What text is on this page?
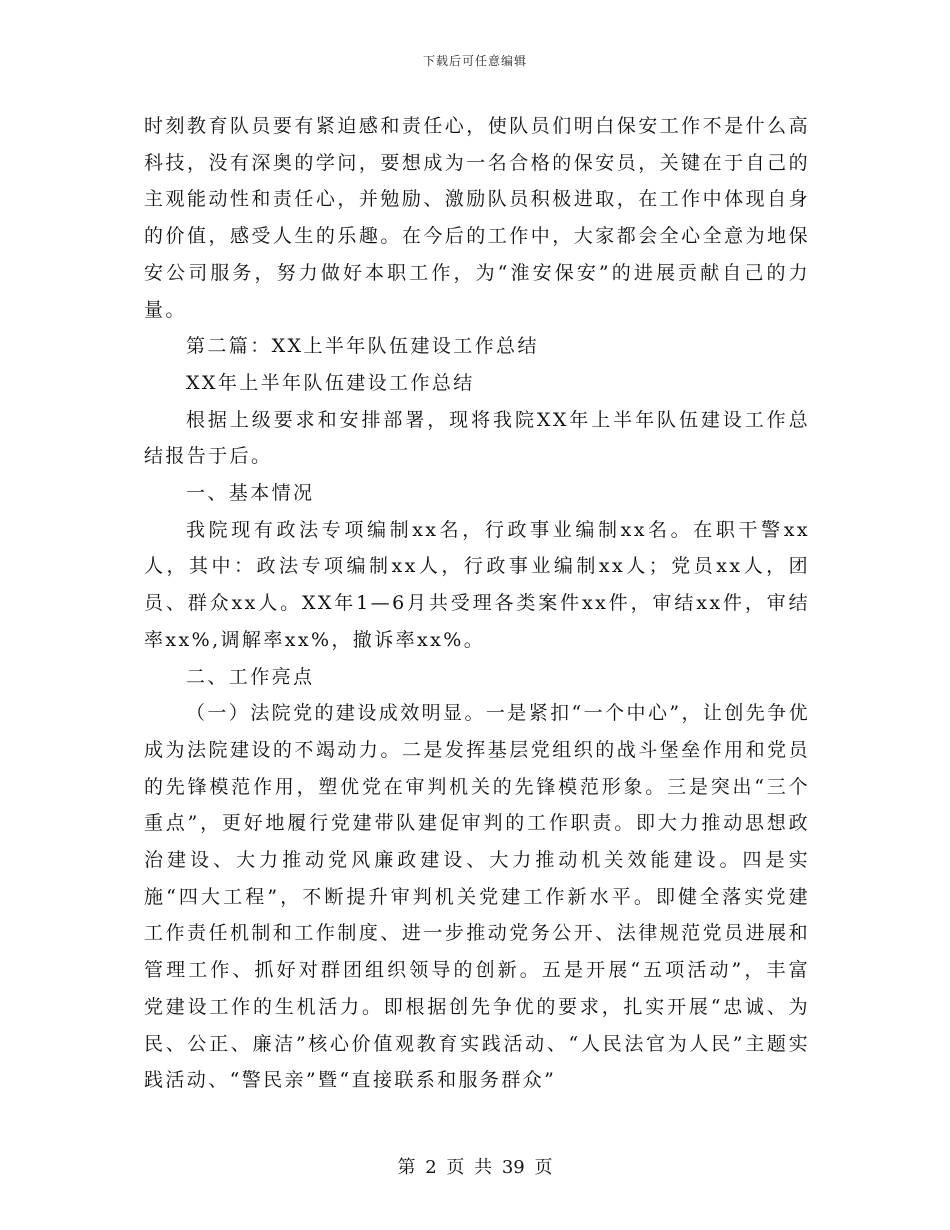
下载后可任意编辑

时刻教育队员要有紧迫感和责任心，使队员们明白保安工作不是什么高科技，没有深奥的学问，要想成为一名合格的保安员，关键在于自己的主观能动性和责任心，并勉励、激励队员积极进取，在工作中体现自身的价值，感受人生的乐趣。在今后的工作中，大家都会全心全意为地保安公司服务，努力做好本职工作，为“淮安保安”的进展贡献自己的力量。

第二篇：XX上半年队伍建设工作总结

XX年上半年队伍建设工作总结

根据上级要求和安排部署，现将我院XX年上半年队伍建设工作总结报告于后。

一、基本情况

我院现有政法专项编制xx名，行政事业编制xx名。在职干警xx人，其中：政法专项编制xx人，行政事业编制xx人；党员xx人，团员、群众xx人。XX年1—6月共受理各类案件xx件，审结xx件，审结率xx%,调解率xx%，撤诉率xx%。

二、工作亮点

（一）法院党的建设成效明显。一是紧扣“一个中心”，让创先争优成为法院建设的不竭动力。二是发挥基层党组织的战斗堡垒作用和党员的先锋模范作用，塑优党在审判机关的先锋模范形象。三是突出“三个重点”，更好地履行党建带队建促审判的工作职责。即大力推动思想政治建设、大力推动党风廉政建设、大力推动机关效能建设。四是实施“四大工程”，不断提升审判机关党建工作新水平。即健全落实党建工作责任机制和工作制度、进一步推动党务公开、法律规范党员进展和管理工作、抓好对群团组织领导的创新。五是开展“五项活动”，丰富党建设工作的生机活力。即根据创先争优的要求，扎实开展“忠诚、为民、公正、廉洁”核心价值观教育实践活动、“人民法官为人民”主题实践活动、“警民亲”暨“直接联系和服务群众”

第 2 页 共 39 页
